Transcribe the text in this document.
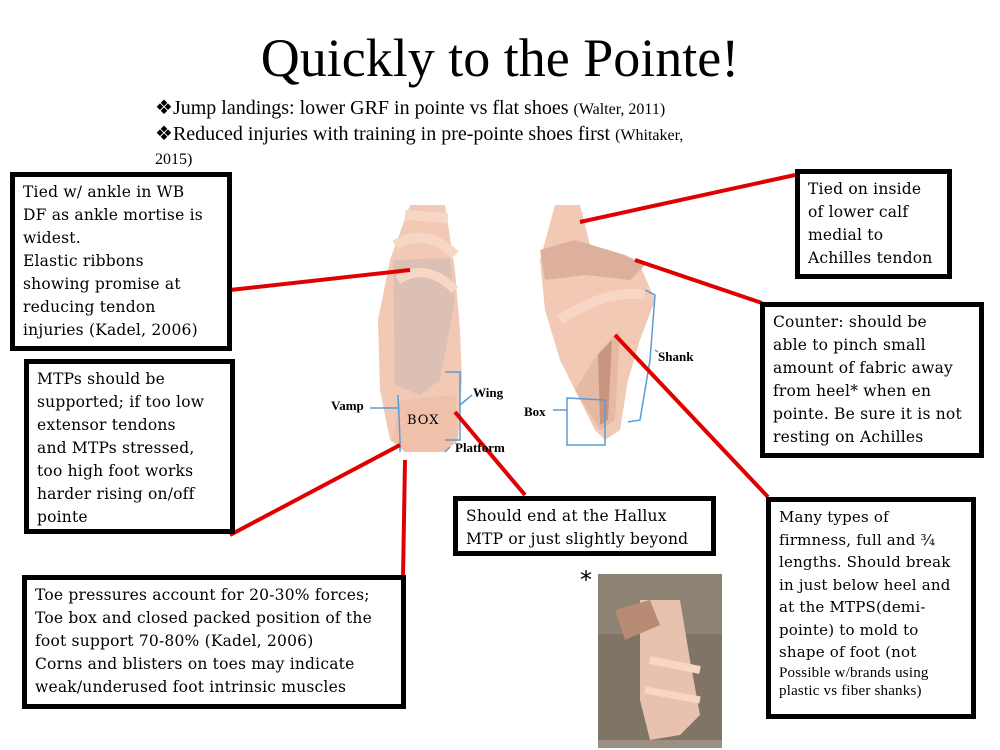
Quickly to the Pointe!
❖Jump landings: lower GRF in pointe vs flat shoes (Walter, 2011)
❖Reduced injuries with training in pre-pointe shoes first (Whitaker,
2015)
Vamp
Wing
BOX
Platform
Shank
Box
*
Tied w/ ankle in WB
DF as ankle mortise is
widest.
Elastic ribbons
showing promise at
reducing tendon
injuries (Kadel, 2006)
MTPs should be
supported; if too low
extensor tendons
and MTPs stressed,
too high foot works
harder rising on/off
pointe
Toe pressures account for 20-30% forces;
Toe box and closed packed position of the
foot support 70-80% (Kadel, 2006)
Corns and blisters on toes may indicate
weak/underused foot intrinsic muscles
Tied on inside
of lower calf
medial to
Achilles tendon
Counter: should be
able to pinch small
amount of fabric away
from heel* when en
pointe. Be sure it is not
resting on Achilles
Should end at the Hallux
MTP or just slightly beyond
Many types of
firmness, full and ¾
lengths. Should break
in just below heel and
at the MTPS(demi-
pointe) to mold to
shape of foot (not
Possible w/brands using
plastic vs fiber shanks)
